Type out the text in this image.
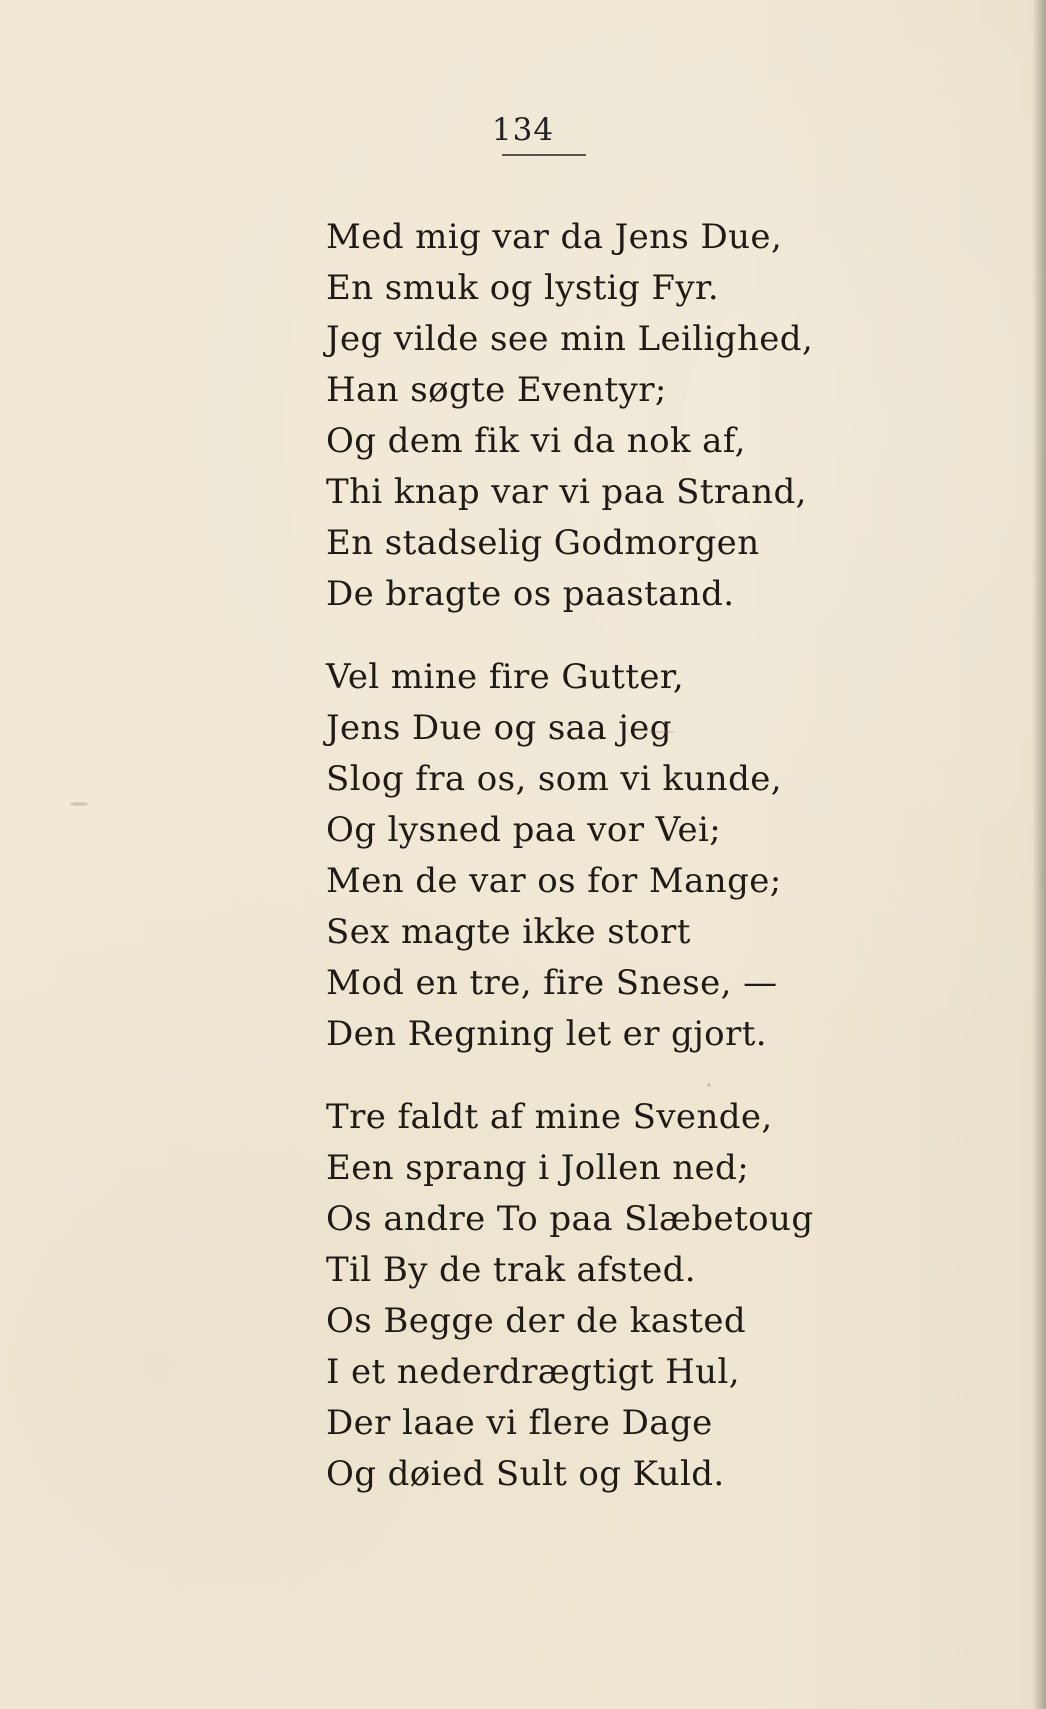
134
Med mig var da Jens Due,
En smuk og lystig Fyr.
Jeg vilde see min Leilighed,
Han søgte Eventyr;
Og dem fik vi da nok af,
Thi knap var vi paa Strand,
En stadselig Godmorgen
De bragte os paastand.
Vel mine fire Gutter,
Jens Due og saa jeg
Slog fra os, som vi kunde,
Og lysned paa vor Vei;
Men de var os for Mange;
Sex magte ikke stort
Mod en tre, fire Snese, —
Den Regning let er gjort.
Tre faldt af mine Svende,
Een sprang i Jollen ned;
Os andre To paa Slæbetoug
Til By de trak afsted.
Os Begge der de kasted
I et nederdrægtigt Hul,
Der laae vi flere Dage
Og døied Sult og Kuld.
